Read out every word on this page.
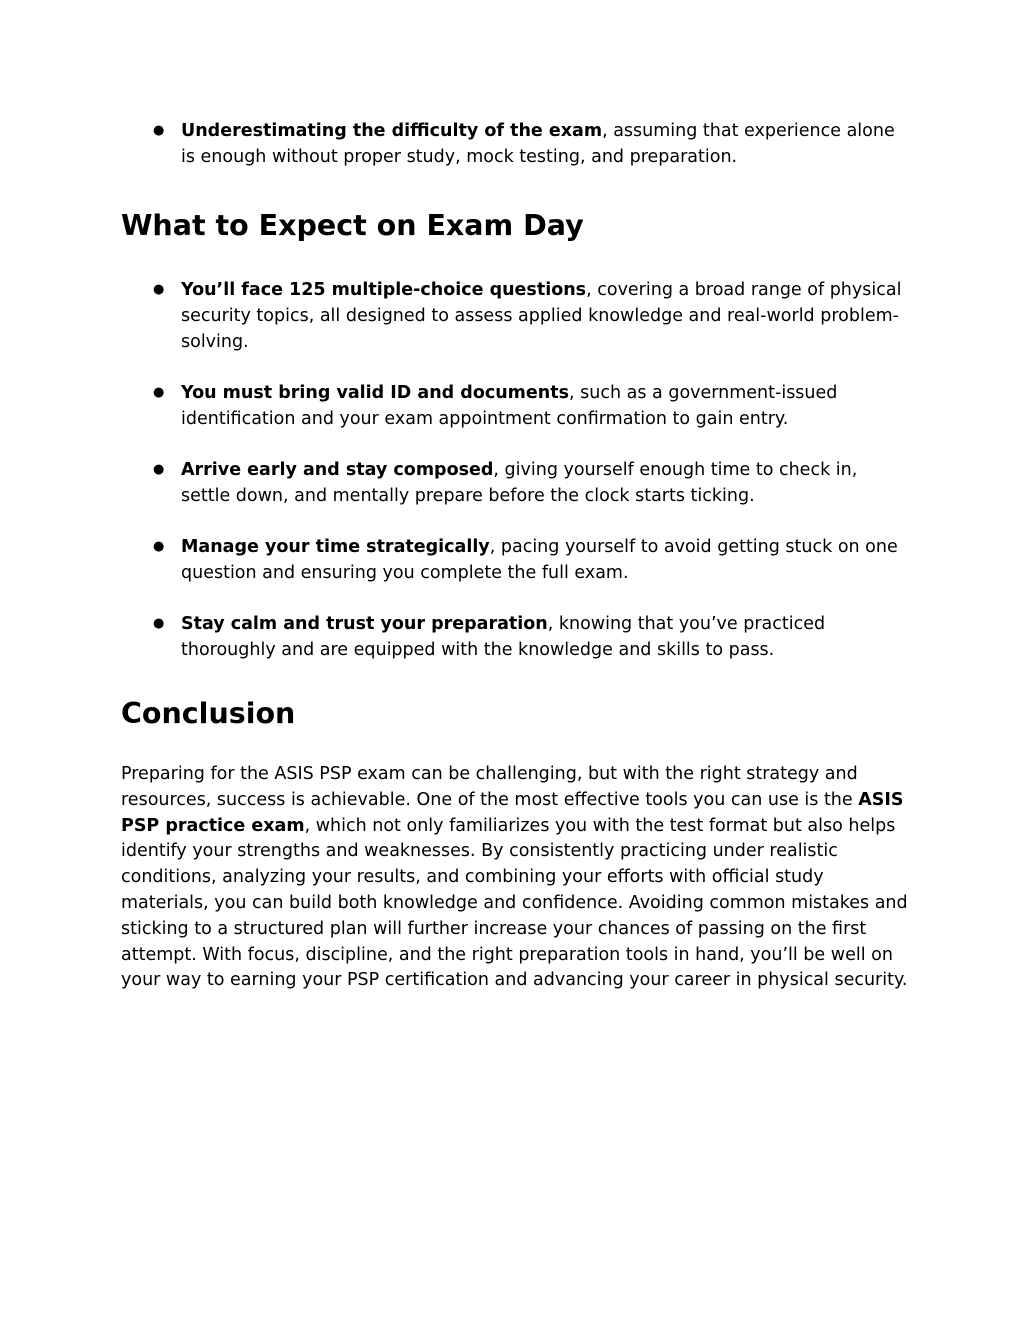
● Underestimating the difficulty of the exam, assuming that experience alone is enough without proper study, mock testing, and preparation.
What to Expect on Exam Day
● You’ll face 125 multiple-choice questions, covering a broad range of physical security topics, all designed to assess applied knowledge and real-world problem-solving.
● You must bring valid ID and documents, such as a government-issued identification and your exam appointment confirmation to gain entry.
● Arrive early and stay composed, giving yourself enough time to check in, settle down, and mentally prepare before the clock starts ticking.
● Manage your time strategically, pacing yourself to avoid getting stuck on one question and ensuring you complete the full exam.
● Stay calm and trust your preparation, knowing that you’ve practiced thoroughly and are equipped with the knowledge and skills to pass.
Conclusion

Preparing for the ASIS PSP exam can be challenging, but with the right strategy and resources, success is achievable. One of the most effective tools you can use is the ASIS PSP practice exam, which not only familiarizes you with the test format but also helps identify your strengths and weaknesses. By consistently practicing under realistic conditions, analyzing your results, and combining your efforts with official study materials, you can build both knowledge and confidence. Avoiding common mistakes and sticking to a structured plan will further increase your chances of passing on the first attempt. With focus, discipline, and the right preparation tools in hand, you’ll be well on your way to earning your PSP certification and advancing your career in physical security.
